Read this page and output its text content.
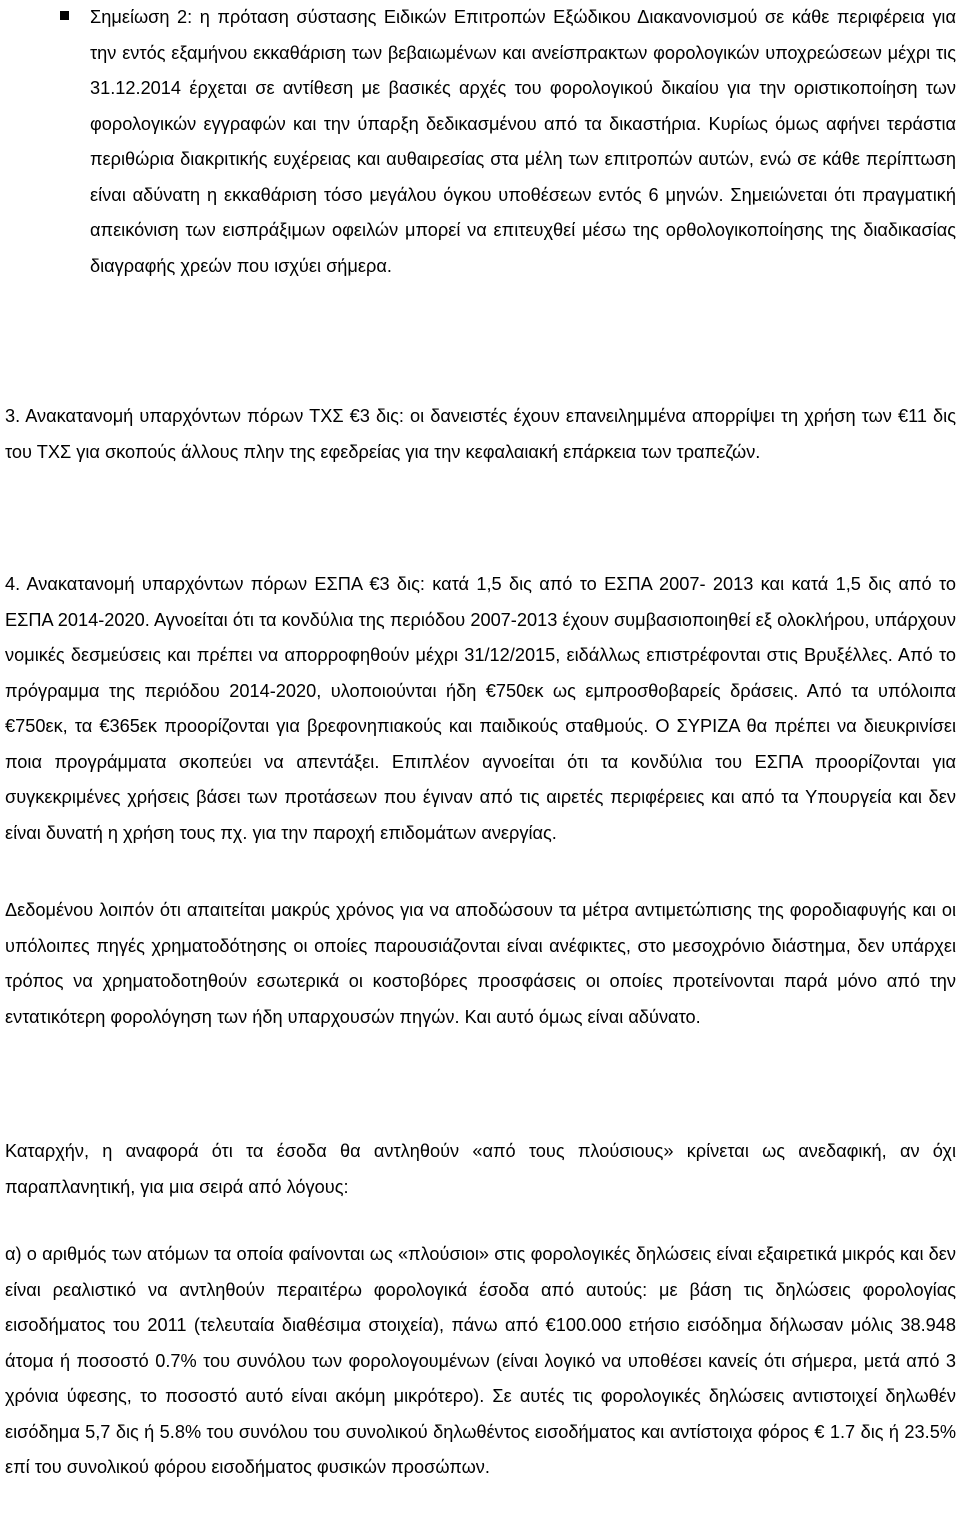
Σημείωση 2: η πρόταση σύστασης Ειδικών Επιτροπών Εξώδικου Διακανονισμού σε κάθε περιφέρεια για την εντός εξαμήνου εκκαθάριση των βεβαιωμένων και ανείσπρακτων φορολογικών υποχρεώσεων μέχρι τις 31.12.2014 έρχεται σε αντίθεση με βασικές αρχές του φορολογικού δικαίου για την οριστικοποίηση των φορολογικών εγγραφών και την ύπαρξη δεδικασμένου από τα δικαστήρια. Κυρίως όμως αφήνει τεράστια περιθώρια διακριτικής ευχέρειας και αυθαιρεσίας στα μέλη των επιτροπών αυτών, ενώ σε κάθε περίπτωση είναι αδύνατη η εκκαθάριση τόσο μεγάλου όγκου υποθέσεων εντός 6 μηνών. Σημειώνεται ότι πραγματική απεικόνιση των εισπράξιμων οφειλών μπορεί να επιτευχθεί μέσω της ορθολογικοποίησης της διαδικασίας διαγραφής χρεών που ισχύει σήμερα.

3. Ανακατανομή υπαρχόντων πόρων ΤΧΣ €3 δις: οι δανειστές έχουν επανειλημμένα απορρίψει τη χρήση των €11 δις του ΤΧΣ για σκοπούς άλλους πλην της εφεδρείας για την κεφαλαιακή επάρκεια των τραπεζών.

4. Ανακατανομή υπαρχόντων πόρων ΕΣΠΑ €3 δις: κατά 1,5 δις από το ΕΣΠΑ 2007- 2013 και κατά 1,5 δις από το ΕΣΠΑ 2014-2020. Αγνοείται ότι τα κονδύλια της περιόδου 2007-2013 έχουν συμβασιοποιηθεί εξ ολοκλήρου, υπάρχουν νομικές δεσμεύσεις και πρέπει να απορροφηθούν μέχρι 31/12/2015, ειδάλλως επιστρέφονται στις Βρυξέλλες. Από το πρόγραμμα της περιόδου 2014-2020, υλοποιούνται ήδη €750εκ ως εμπροσθοβαρείς δράσεις. Από τα υπόλοιπα €750εκ, τα €365εκ προορίζονται για βρεφονηπιακούς και παιδικούς σταθμούς. Ο ΣΥΡΙΖΑ θα πρέπει να διευκρινίσει ποια προγράμματα σκοπεύει να απεντάξει. Επιπλέον αγνοείται ότι τα κονδύλια του ΕΣΠΑ προορίζονται για συγκεκριμένες χρήσεις βάσει των προτάσεων που έγιναν από τις αιρετές περιφέρειες και από τα Υπουργεία και δεν είναι δυνατή η χρήση τους πχ. για την παροχή επιδομάτων ανεργίας.

Δεδομένου λοιπόν ότι απαιτείται μακρύς χρόνος για να αποδώσουν τα μέτρα αντιμετώπισης της φοροδιαφυγής και οι υπόλοιπες πηγές χρηματοδότησης οι οποίες παρουσιάζονται είναι ανέφικτες, στο μεσοχρόνιο διάστημα, δεν υπάρχει τρόπος να χρηματοδοτηθούν εσωτερικά οι κοστοβόρες προσφάσεις οι οποίες προτείνονται παρά μόνο από την εντατικότερη φορολόγηση των ήδη υπαρχουσών πηγών. Και αυτό όμως είναι αδύνατο.

Καταρχήν, η αναφορά ότι τα έσοδα θα αντληθούν «από τους πλούσιους» κρίνεται ως ανεδαφική, αν όχι παραπλανητική, για μια σειρά από λόγους:

α) ο αριθμός των ατόμων τα οποία φαίνονται ως «πλούσιοι» στις φορολογικές δηλώσεις είναι εξαιρετικά μικρός και δεν είναι ρεαλιστικό να αντληθούν περαιτέρω φορολογικά έσοδα από αυτούς: με βάση τις δηλώσεις φορολογίας εισοδήματος του 2011 (τελευταία διαθέσιμα στοιχεία), πάνω από €100.000 ετήσιο εισόδημα δήλωσαν μόλις 38.948 άτομα ή ποσοστό 0.7% του συνόλου των φορολογουμένων (είναι λογικό να υποθέσει κανείς ότι σήμερα, μετά από 3 χρόνια ύφεσης, το ποσοστό αυτό είναι ακόμη μικρότερο). Σε αυτές τις φορολογικές δηλώσεις αντιστοιχεί δηλωθέν εισόδημα 5,7 δις ή 5.8% του συνόλου του συνολικού δηλωθέντος εισοδήματος και αντίστοιχα φόρος € 1.7 δις ή 23.5% επί του συνολικού φόρου εισοδήματος φυσικών προσώπων.
